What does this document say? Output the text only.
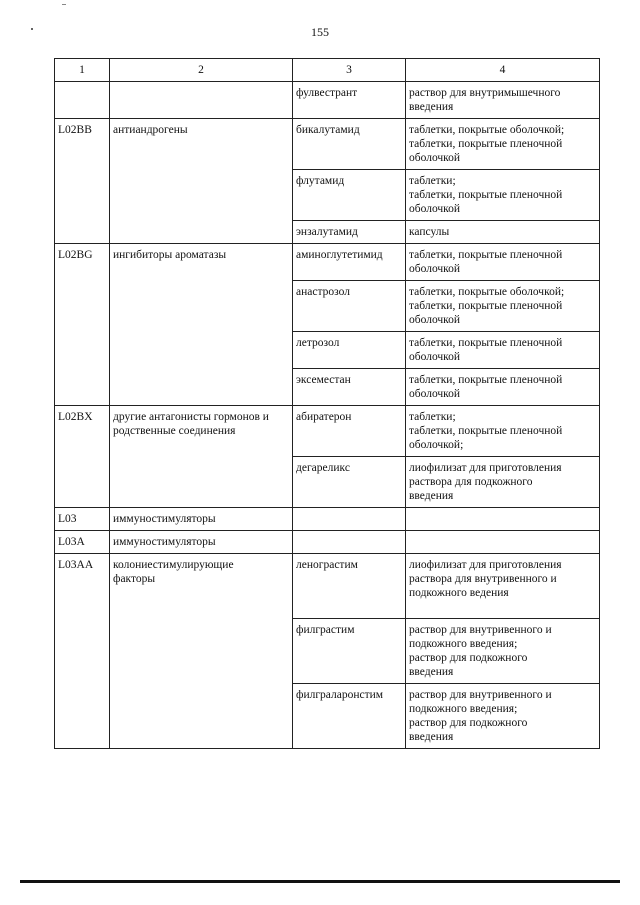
155
1	2	3	4
		фулвестрант	раствор для внутримышечного
введения

L02BB	антиандрогены	бикалутамид	таблетки, покрытые оболочкой;
таблетки, покрытые пленочной
оболочкой

		флутамид	таблетки;
таблетки, покрытые пленочной
оболочкой

		энзалутамид	капсулы

L02BG	ингибиторы ароматазы	аминоглутетимид	таблетки, покрытые пленочной
оболочкой

		анастрозол	таблетки, покрытые оболочкой;
таблетки, покрытые пленочной
оболочкой

		летрозол	таблетки, покрытые пленочной
оболочкой

		эксеместан	таблетки, покрытые пленочной
оболочкой

L02BX	другие антагонисты гормонов и
родственные соединения	абиратерон	таблетки;
таблетки, покрытые пленочной
оболочкой;

		дегареликс	лиофилизат для приготовления
раствора для подкожного
введения

L03	иммуностимуляторы		

L03A	иммуностимуляторы		

L03AA	колониестимулирующие
факторы	ленограстим	лиофилизат для приготовления
раствора для внутривенного и
подкожного ведения

		филграстим	раствор для внутривенного и
подкожного введения;
раствор для подкожного
введения

		филграларонстим	раствор для внутривенного и
подкожного введения;
раствор для подкожного
введения
